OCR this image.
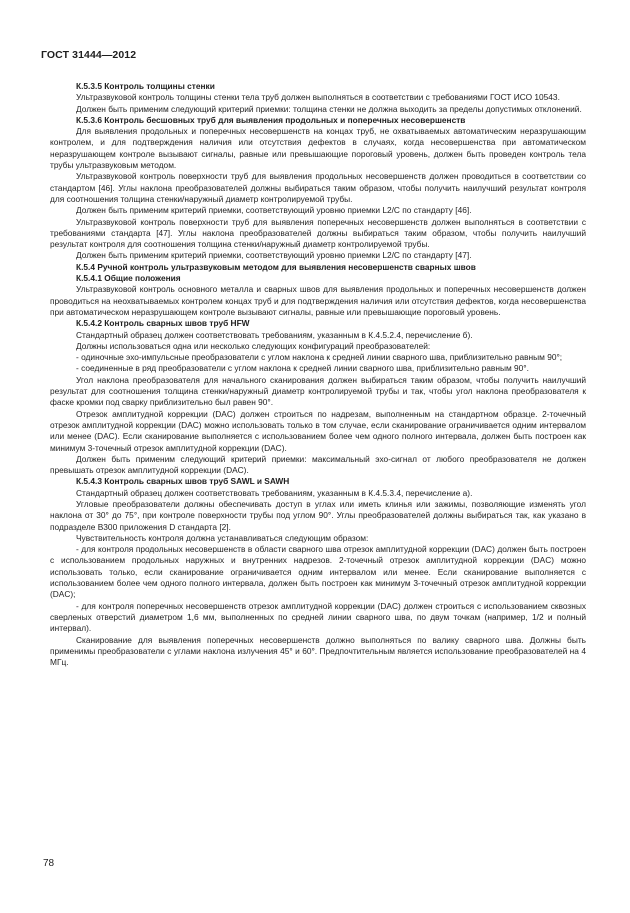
ГОСТ 31444—2012

К.5.3.5 Контроль толщины стенки

Ультразвуковой контроль толщины стенки тела труб должен выполняться в соответствии с требованиями ГОСТ ИСО 10543.

Должен быть применим следующий критерий приемки: толщина стенки не должна выходить за пределы допустимых отклонений.

К.5.3.6 Контроль бесшовных труб для выявления продольных и поперечных несовершенств

Для выявления продольных и поперечных несовершенств на концах труб, не охватываемых автоматическим неразрушающим контролем, и для подтверждения наличия или отсутствия дефектов в случаях, когда несовершенства при автоматическом неразрушающем контроле вызывают сигналы, равные или превышающие пороговый уровень, должен быть проведен контроль тела трубы ультразвуковым методом.

Ультразвуковой контроль поверхности труб для выявления продольных несовершенств должен проводиться в соответствии со стандартом [46]. Углы наклона преобразователей должны выбираться таким образом, чтобы получить наилучший результат контроля для соотношения толщина стенки/наружный диаметр контролируемой трубы.

Должен быть применим критерий приемки, соответствующий уровню приемки L2/C по стандарту [46].

Ультразвуковой контроль поверхности труб для выявления поперечных несовершенств должен выполняться в соответствии с требованиями стандарта [47]. Углы наклона преобразователей должны выбираться таким образом, чтобы получить наилучший результат контроля для соотношения толщина стенки/наружный диаметр контролируемой трубы.

Должен быть применим критерий приемки, соответствующий уровню приемки L2/C по стандарту [47].

К.5.4 Ручной контроль ультразвуковым методом для выявления несовершенств сварных швов

К.5.4.1 Общие положения

Ультразвуковой контроль основного металла и сварных швов для выявления продольных и поперечных несовершенств должен проводиться на неохватываемых контролем концах труб и для подтверждения наличия или отсутствия дефектов, когда несовершенства при автоматическом неразрушающем контроле вызывают сигналы, равные или превышающие пороговый уровень.

К.5.4.2 Контроль сварных швов труб HFW

Стандартный образец должен соответствовать требованиям, указанным в К.4.5.2.4, перечисление б).

Должны использоваться одна или несколько следующих конфигураций преобразователей:

- одиночные эхо-импульсные преобразователи с углом наклона к средней линии сварного шва, приблизительно равным 90°;

- соединенные в ряд преобразователи с углом наклона к средней линии сварного шва, приблизительно равным 90°.

Угол наклона преобразователя для начального сканирования должен выбираться таким образом, чтобы получить наилучший результат для соотношения толщина стенки/наружный диаметр контролируемой трубы и так, чтобы угол наклона преобразователя к фаске кромки под сварку приблизительно был равен 90°.

Отрезок амплитудной коррекции (DAC) должен строиться по надрезам, выполненным на стандартном образце. 2-точечный отрезок амплитудной коррекции (DAC) можно использовать только в том случае, если сканирование ограничивается одним интервалом или менее (DAC). Если сканирование выполняется с использованием более чем одного полного интервала, должен быть построен как минимум 3-точечный отрезок амплитудной коррекции (DAC).

Должен быть применим следующий критерий приемки: максимальный эхо-сигнал от любого преобразователя не должен превышать отрезок амплитудной коррекции (DAC).

К.5.4.3 Контроль сварных швов труб SAWL и SAWH

Стандартный образец должен соответствовать требованиям, указанным в К.4.5.3.4, перечисление а).

Угловые преобразователи должны обеспечивать доступ в углах или иметь клинья или зажимы, позволяющие изменять угол наклона от 30° до 75°, при контроле поверхности трубы под углом 90°. Углы преобразователей должны выбираться так, как указано в подразделе В300 приложения D стандарта [2].

Чувствительность контроля должна устанавливаться следующим образом:

- для контроля продольных несовершенств в области сварного шва отрезок амплитудной коррекции (DAC) должен быть построен с использованием продольных наружных и внутренних надрезов. 2-точечный отрезок амплитудной коррекции (DAC) можно использовать только, если сканирование ограничивается одним интервалом или менее. Если сканирование выполняется с использованием более чем одного полного интервала, должен быть построен как минимум 3-точечный отрезок амплитудной коррекции (DAC);

- для контроля поперечных несовершенств отрезок амплитудной коррекции (DAC) должен строиться с использованием сквозных сверленых отверстий диаметром 1,6 мм, выполненных по средней линии сварного шва, по двум точкам (например, 1/2 и полный интервал).

Сканирование для выявления поперечных несовершенств должно выполняться по валику сварного шва. Должны быть применимы преобразователи с углами наклона излучения 45° и 60°. Предпочтительным является использование преобразователей на 4 МГц.

78
